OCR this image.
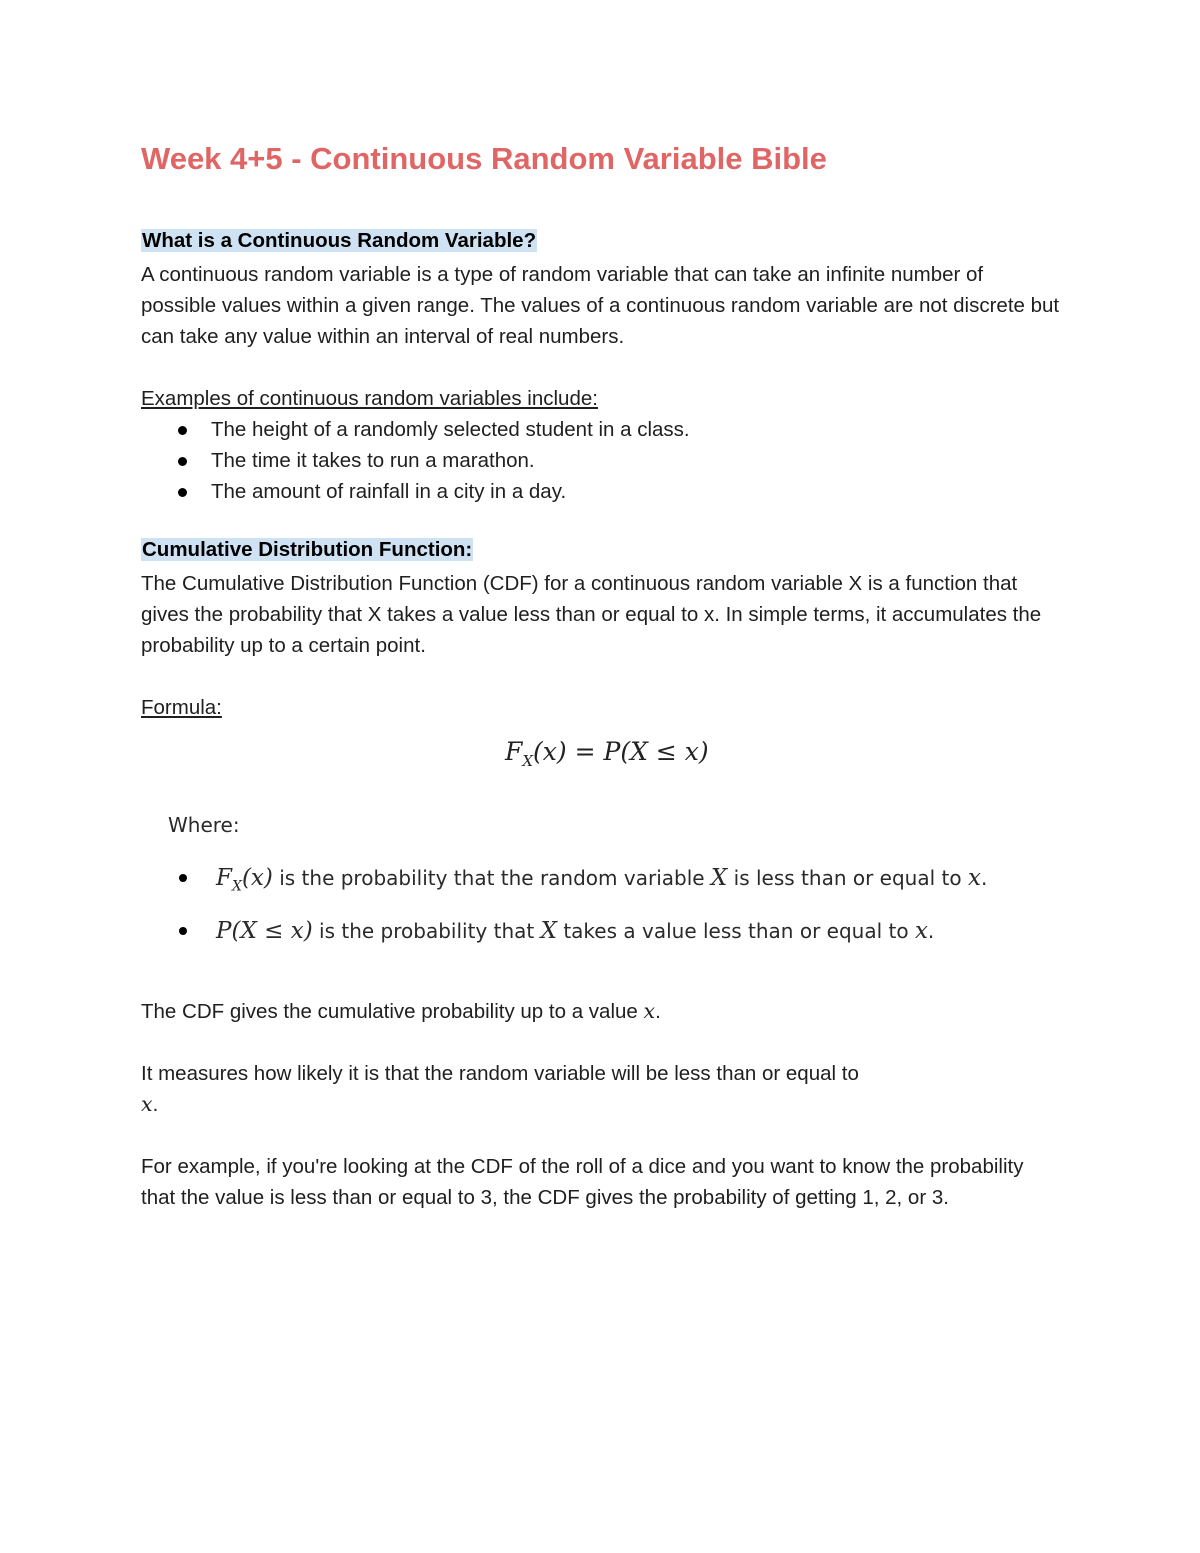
Week 4+5 - Continuous Random Variable Bible
What is a Continuous Random Variable?

A continuous random variable is a type of random variable that can take an infinite number of possible values within a given range. The values of a continuous random variable are not discrete but can take any value within an interval of real numbers.

Examples of continuous random variables include:

The height of a randomly selected student in a class.
The time it takes to run a marathon.
The amount of rainfall in a city in a day.
Cumulative Distribution Function:

The Cumulative Distribution Function (CDF) for a continuous random variable X is a function that gives the probability that X takes a value less than or equal to x. In simple terms, it accumulates the probability up to a certain point.

Formula:

$F_X(x) = P(X \le x)$
Where:
$F_X(x)$ is the probability that the random variable X is less than or equal to x.
P(X ≤ x) is the probability that X takes a value less than or equal to x.

The CDF gives the cumulative probability up to a value x.

It measures how likely it is that the random variable will be less than or equal to
x.

For example, if you're looking at the CDF of the roll of a dice and you want to know the probability that the value is less than or equal to 3, the CDF gives the probability of getting 1, 2, or 3.
